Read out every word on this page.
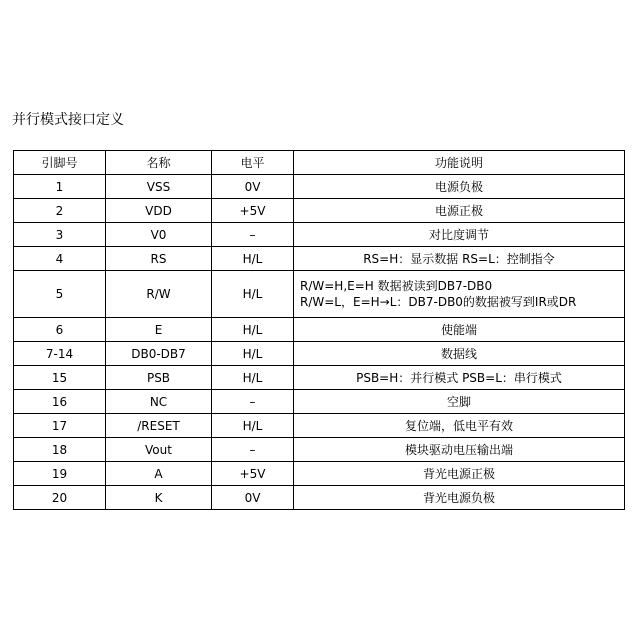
并行模式接口定义
引脚号	名称	电平	功能说明
1	VSS	0V	电源负极

2	VDD	+5V	电源正极

3	V0	–	对比度调节

4	RS	H/L	RS=H：显示数据 RS=L：控制指令

5	R/W	H/L	R/W=H,E=H 数据被读到DB7-DB0
R/W=L，E=H→L：DB7-DB0的数据被写到IR或DR

6	E	H/L	使能端

7-14	DB0-DB7	H/L	数据线

15	PSB	H/L	PSB=H：并行模式 PSB=L：串行模式

16	NC	–	空脚

17	/RESET	H/L	复位端，低电平有效

18	Vout	–	模块驱动电压输出端

19	A	+5V	背光电源正极

20	K	0V	背光电源负极
